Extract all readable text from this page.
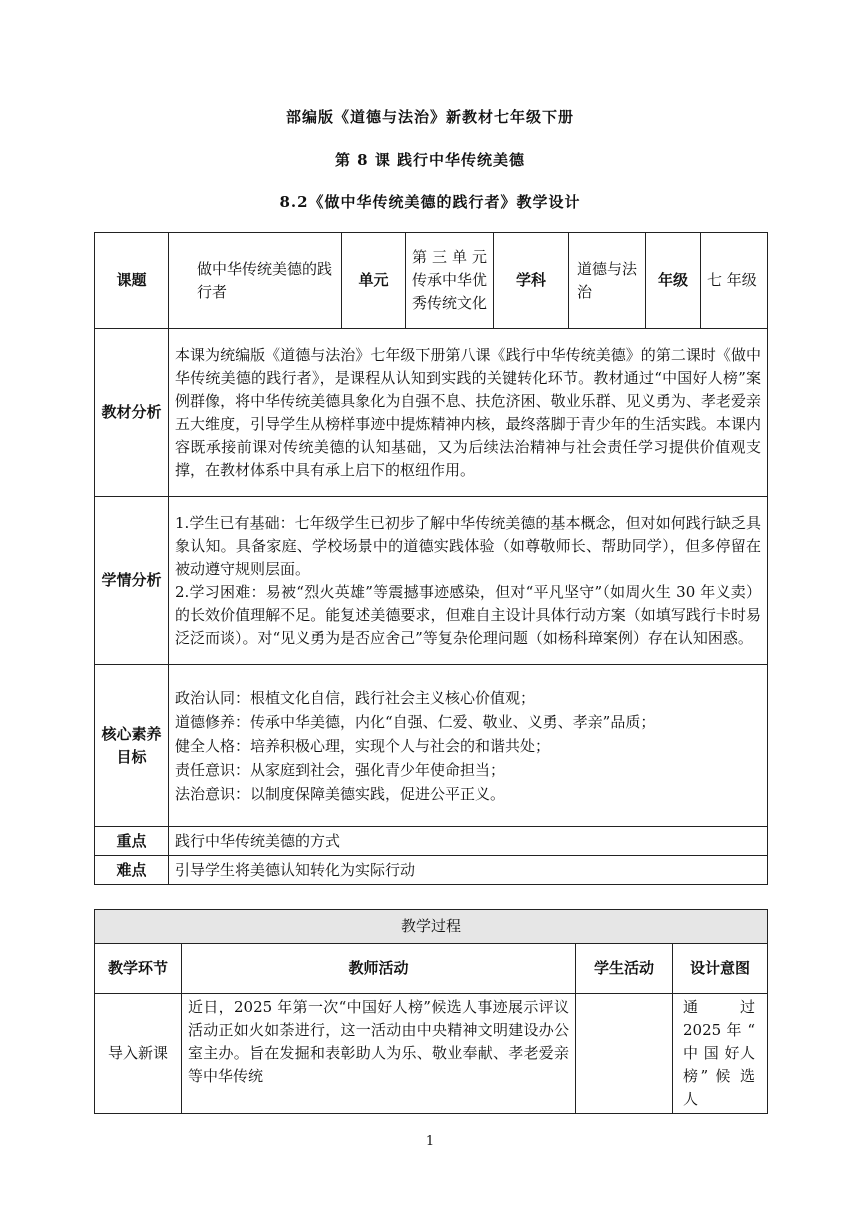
部编版《道德与法治》新教材七年级下册
第 8 课 践行中华传统美德
8.2《做中华传统美德的践行者》教学设计
课题	做中华传统美德的践行者	单元	第三单元 传承中华优秀传统文化	学科	道德与法治	年级	七 年级
教材分析	本课为统编版《道德与法治》七年级下册第八课《践行中华传统美德》的第二课时《做中华传统美德的践行者》，是课程从认知到实践的关键转化环节。教材通过“中国好人榜”案例群像，将中华传统美德具象化为自强不息、扶危济困、敬业乐群、见义勇为、孝老爱亲五大维度，引导学生从榜样事迹中提炼精神内核，最终落脚于青少年的生活实践。本课内容既承接前课对传统美德的认知基础，又为后续法治精神与社会责任学习提供价值观支撑，在教材体系中具有承上启下的枢纽作用。						
学情分析	1.学生已有基础：七年级学生已初步了解中华传统美德的基本概念，但对如何践行缺乏具象认知。具备家庭、学校场景中的道德实践体验（如尊敬师长、帮助同学），但多停留在被动遵守规则层面。

2.学习困难：易被“烈火英雄”等震撼事迹感染，但对“平凡坚守”（如周火生 30 年义卖）的长效价值理解不足。能复述美德要求，但难自主设计具体行动方案（如填写践行卡时易泛泛而谈）。对“见义勇为是否应舍己”等复杂伦理问题（如杨科璋案例）存在认知困惑。						

核心素养目标	政治认同：根植文化自信，践行社会主义核心价值观；

道德修养：传承中华美德，内化“自强、仁爱、敬业、义勇、孝亲”品质；

健全人格：培养积极心理，实现个人与社会的和谐共处；

责任意识：从家庭到社会，强化青少年使命担当；

法治意识：以制度保障美德实践，促进公平正义。						

重点	践行中华传统美德的方式						
难点	引导学生将美德认知转化为实际行动						
教学过程			
教学环节	教师活动	学生活动	设计意图
导入新课	近日，2025 年第一次“中国好人榜”候选人事迹展示评议活动正如火如荼进行，这一活动由中央精神文明建设办公室主办。旨在发掘和表彰助人为乐、敬业奉献、孝老爱亲等中华传统		通 过 2025 年 “ 中 国 好人榜” 候 选 人
1
